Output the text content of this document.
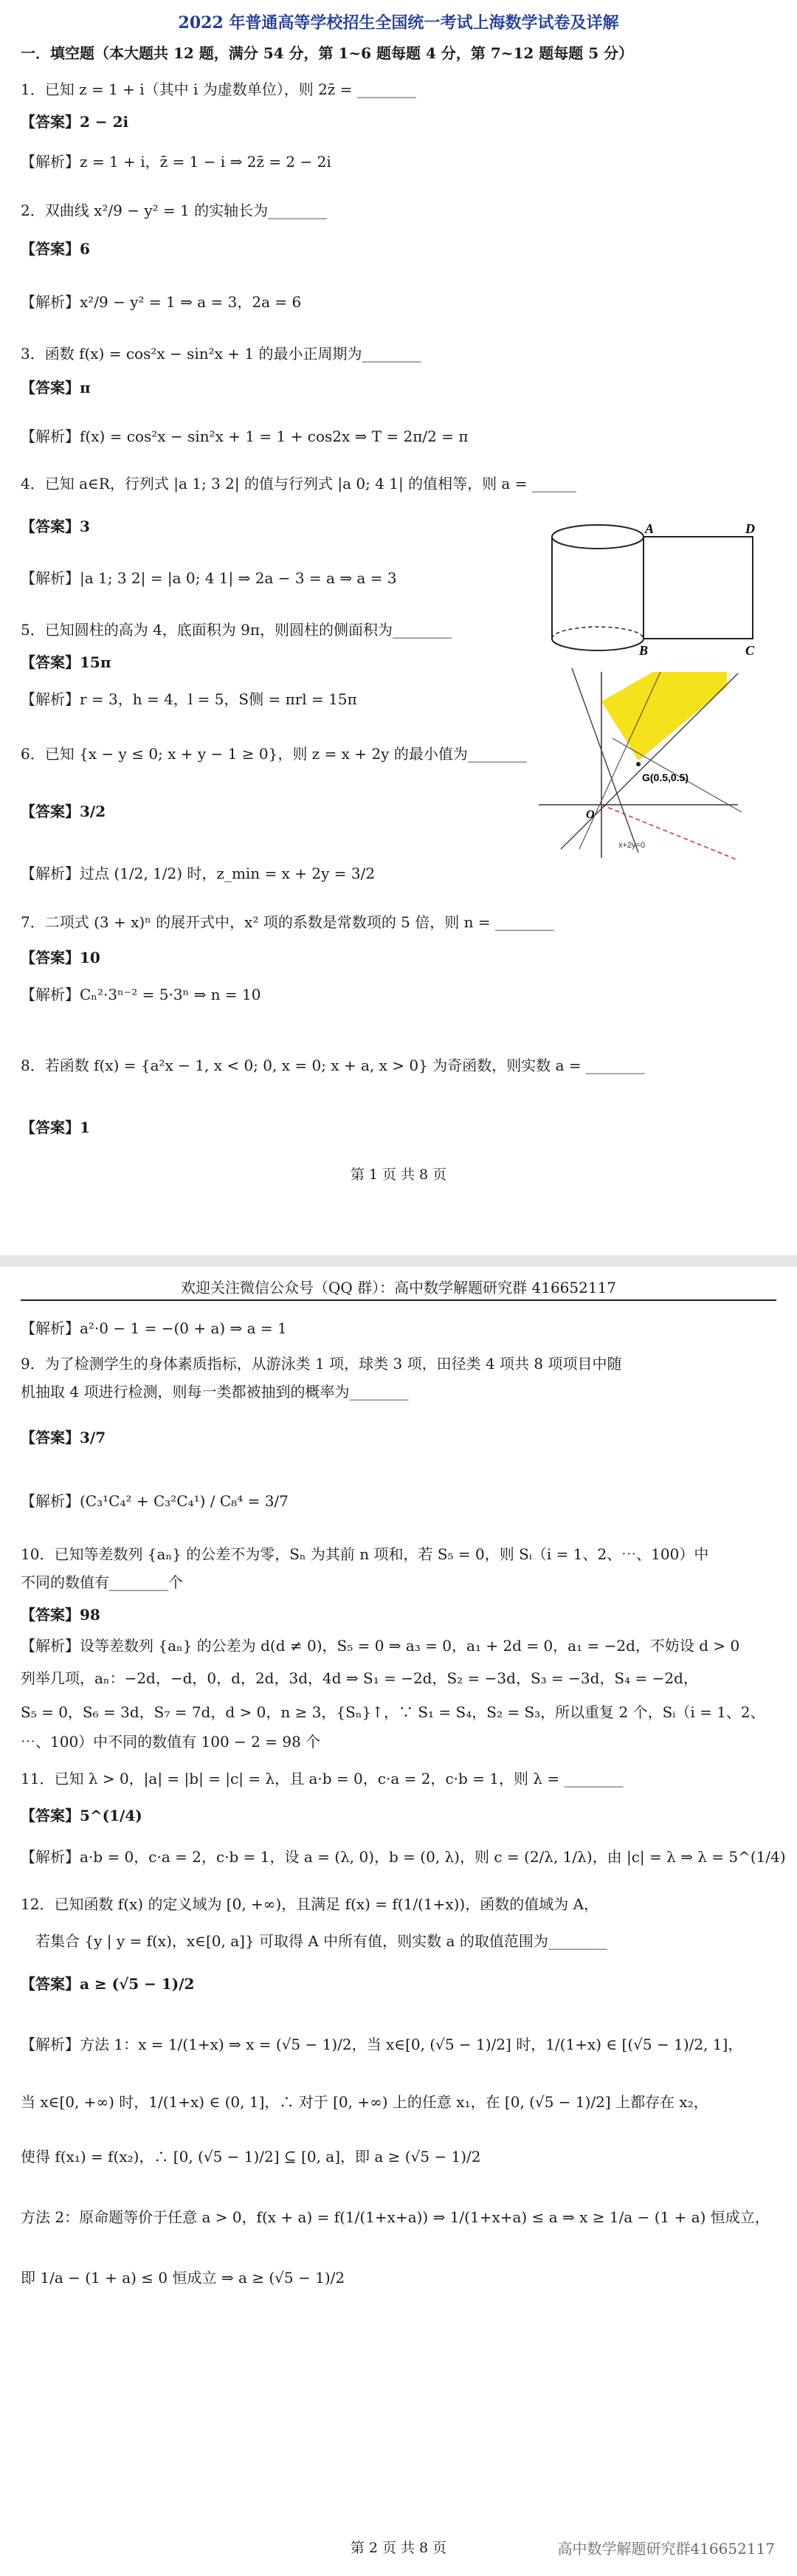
2022 年普通高等学校招生全国统一考试上海数学试卷及详解
一．填空题（本大题共 12 题，满分 54 分，第 1~6 题每题 4 分，第 7~12 题每题 5 分）
1．已知 z = 1 + i（其中 i 为虚数单位），则 2z̄ = ________
【答案】2 − 2i
【解析】z = 1 + i，z̄ = 1 − i ⇒ 2z̄ = 2 − 2i
2．双曲线 x²/9 − y² = 1 的实轴长为________
【答案】6
【解析】x²/9 − y² = 1 ⇒ a = 3，2a = 6
3．函数 f(x) = cos²x − sin²x + 1 的最小正周期为________
【答案】π
【解析】f(x) = cos²x − sin²x + 1 = 1 + cos2x ⇒ T = 2π/2 = π
4．已知 a∈R，行列式 |a 1; 3 2| 的值与行列式 |a 0; 4 1| 的值相等，则 a = ______
【答案】3
【解析】|a 1; 3 2| = |a 0; 4 1| ⇒ 2a − 3 = a ⇒ a = 3
5．已知圆柱的高为 4，底面积为 9π，则圆柱的侧面积为________
【答案】15π
【解析】r = 3，h = 4，l = 5，S侧 = πrl = 15π
6．已知 {x − y ≤ 0; x + y − 1 ≥ 0}，则 z = x + 2y 的最小值为________
【答案】3/2
【解析】过点 (1/2, 1/2) 时，z_min = x + 2y = 3/2
7．二项式 (3 + x)ⁿ 的展开式中，x² 项的系数是常数项的 5 倍，则 n = ________
【答案】10
【解析】Cₙ²·3ⁿ⁻² = 5·3ⁿ ⇒ n = 10
8．若函数 f(x) = {a²x − 1, x < 0; 0, x = 0; x + a, x > 0} 为奇函数，则实数 a = ________
【答案】1
A	D
B	C
G(0.5,0.5)
O
x+2y=0
第 1 页 共 8 页
欢迎关注微信公众号（QQ 群）：高中数学解题研究群 416652117
【解析】a²·0 − 1 = −(0 + a) ⇒ a = 1
9．为了检测学生的身体素质指标，从游泳类 1 项，球类 3 项，田径类 4 项共 8 项项目中随
机抽取 4 项进行检测，则每一类都被抽到的概率为________
【答案】3/7
【解析】(C₃¹C₄² + C₃²C₄¹) / C₈⁴ = 3/7
10．已知等差数列 {aₙ} 的公差不为零，Sₙ 为其前 n 项和，若 S₅ = 0，则 Sᵢ（i = 1、2、⋯、100）中
不同的数值有________个
【答案】98
【解析】设等差数列 {aₙ} 的公差为 d(d ≠ 0)，S₅ = 0 ⇒ a₃ = 0，a₁ + 2d = 0，a₁ = −2d，不妨设 d > 0
列举几项，aₙ：−2d，−d，0，d，2d，3d，4d ⇒ S₁ = −2d，S₂ = −3d，S₃ = −3d，S₄ = −2d，
S₅ = 0，S₆ = 3d，S₇ = 7d，d > 0，n ≥ 3，{Sₙ}↑，∵ S₁ = S₄，S₂ = S₃，所以重复 2 个，Sᵢ（i = 1、2、
⋯、100）中不同的数值有 100 − 2 = 98 个
11．已知 λ > 0，|a| = |b| = |c| = λ，且 a·b = 0，c·a = 2，c·b = 1，则 λ = ________
【答案】5^(1/4)
【解析】a·b = 0，c·a = 2，c·b = 1，设 a = (λ, 0)，b = (0, λ)，则 c = (2/λ, 1/λ)，由 |c| = λ ⇒ λ = 5^(1/4)
12．已知函数 f(x) 的定义域为 [0, +∞)，且满足 f(x) = f(1/(1+x))，函数的值域为 A，
　若集合 {y | y = f(x)，x∈[0, a]} 可取得 A 中所有值，则实数 a 的取值范围为________
【答案】a ≥ (√5 − 1)/2
【解析】方法 1：x = 1/(1+x) ⇒ x = (√5 − 1)/2，当 x∈[0, (√5 − 1)/2] 时，1/(1+x) ∈ [(√5 − 1)/2, 1]，
当 x∈[0, +∞) 时，1/(1+x) ∈ (0, 1]，∴ 对于 [0, +∞) 上的任意 x₁，在 [0, (√5 − 1)/2] 上都存在 x₂，
使得 f(x₁) = f(x₂)，∴ [0, (√5 − 1)/2] ⊆ [0, a]，即 a ≥ (√5 − 1)/2
方法 2：原命题等价于任意 a > 0，f(x + a) = f(1/(1+x+a)) ⇒ 1/(1+x+a) ≤ a ⇒ x ≥ 1/a − (1 + a) 恒成立，
即 1/a − (1 + a) ≤ 0 恒成立 ⇒ a ≥ (√5 − 1)/2
第 2 页 共 8 页	高中数学解题研究群416652117
